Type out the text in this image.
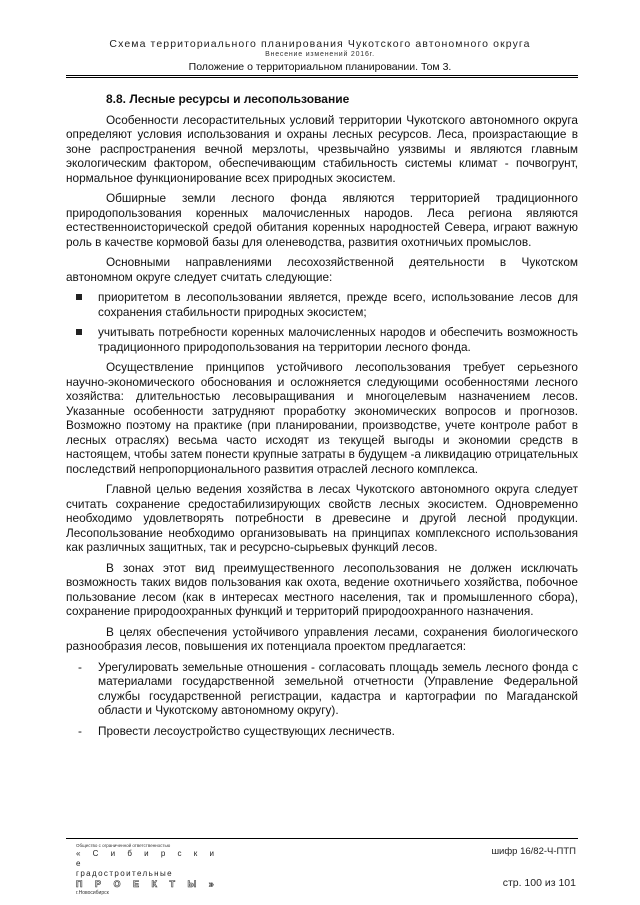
Схема территориального планирования Чукотского автономного округа
Внесение изменений 2016г.
Положение о территориальном планировании. Том 3.
8.8. Лесные ресурсы и лесопользование

Особенности лесорастительных условий территории Чукотского автономного округа определяют условия использования и охраны лесных ресурсов. Леса, произрастающие в зоне распространения вечной мерзлоты, чрезвычайно уязвимы и являются главным экологическим фактором, обеспечивающим стабильность системы климат - почвогрунт, нормальное функционирование всех природных экосистем.

Обширные земли лесного фонда являются территорией традиционного природопользования коренных малочисленных народов. Леса региона являются естественноисторической средой обитания коренных народностей Севера, играют важную роль в качестве кормовой базы для оленеводства, развития охотничьих промыслов.

Основными направлениями лесохозяйственной деятельности в Чукотском автономном округе следует считать следующие:

приоритетом в лесопользовании является, прежде всего, использование лесов для сохранения стабильности природных экосистем;
учитывать потребности коренных малочисленных народов и обеспечить возможность традиционного природопользования на территории лесного фонда.

Осуществление принципов устойчивого лесопользования требует серьезного научно-экономического обоснования и осложняется следующими особенностями лесного хозяйства: длительностью лесовыращивания и многоцелевым назначением лесов. Указанные особенности затрудняют проработку экономических вопросов и прогнозов. Возможно поэтому на практике (при планировании, производстве, учете контроле работ в лесных отраслях) весьма часто исходят из текущей выгоды и экономии средств в настоящем, чтобы затем понести крупные затраты в будущем -а ликвидацию отрицательных последствий непропорционального развития отраслей лесного комплекса.

Главной целью ведения хозяйства в лесах Чукотского автономного округа следует считать сохранение средостабилизирующих свойств лесных экосистем. Одновременно необходимо удовлетворять потребности в древесине и другой лесной продукции. Лесопользование необходимо организовывать на принципах комплексного использования как различных защитных, так и ресурсно-сырьевых функций лесов.

В зонах этот вид преимущественного лесопользования не должен исключать возможность таких видов пользования как охота, ведение охотничьего хозяйства, побочное пользование лесом (как в интересах местного населения, так и промышленного сбора), сохранение природоохранных функций и территорий природоохранного назначения.

В целях обеспечения устойчивого управления лесами, сохранения биологического разнообразия лесов, повышения их потенциала проектом предлагается:

- Урегулировать земельные отношения - согласовать площадь земель лесного фонда с материалами государственной земельной отчетности (Управление Федеральной службы государственной регистрации, кадастра и картографии по Магаданской области и Чукотскому автономному округу).
- Провести лесоустройство существующих лесничеств.
Общество с ограниченной ответственностью
« С и б и р с к и е
градостроительные
П Р О Е К Т Ы »
г.Новосибирск
шифр 16/82-Ч-ПТП
стр. 100 из 101
